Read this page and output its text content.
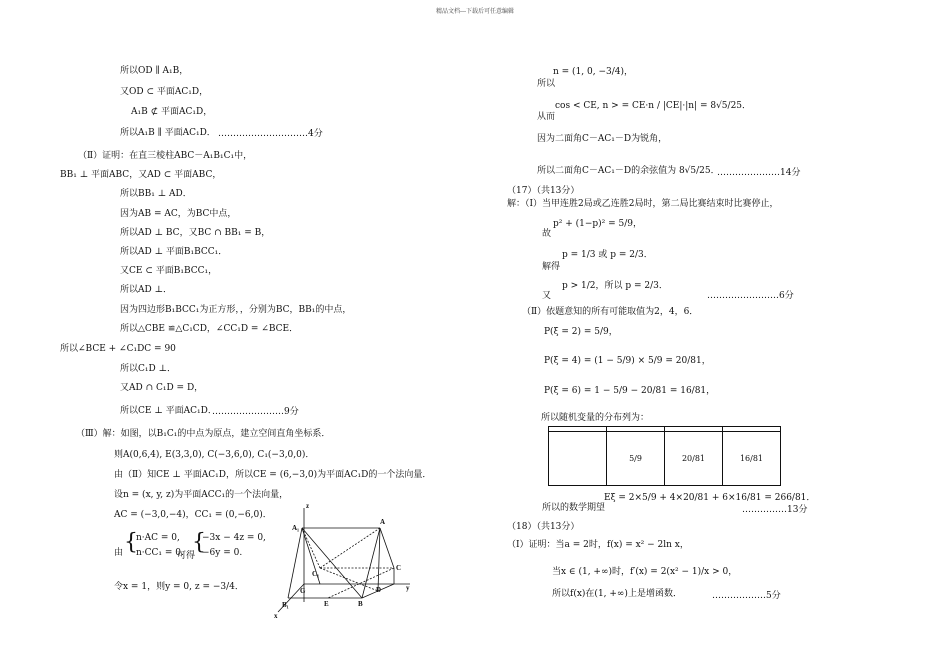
精品文档---下载后可任意编辑
所以OD ∥ A₁B，
又OD ⊂ 平面AC₁D，
A₁B ⊄ 平面AC₁D，
所以A₁B ∥ 平面AC₁D． …………………………4分
（Ⅱ）证明：在直三棱柱ABC－A₁B₁C₁中，
BB₁ ⊥ 平面ABC，又AD ⊂ 平面ABC，
所以BB₁ ⊥ AD．
因为AB = AC，为BC中点，
所以AD ⊥ BC，又BC ∩ BB₁ = B，
所以AD ⊥ 平面B₁BCC₁．
又CE ⊂ 平面B₁BCC₁，
所以AD ⊥．
因为四边形B₁BCC₁为正方形，，分别为BC，BB₁的中点，
所以△CBE ≌△C₁CD，∠CC₁D = ∠BCE．
所以∠BCE + ∠C₁DC = 90
所以C₁D ⊥．
又AD ∩ C₁D = D，
所以CE ⊥ 平面AC₁D．
……………………9分
（Ⅲ）解：如图，以B₁C₁的中点为原点，建立空间直角坐标系．
则A(0,6,4), E(3,3,0), C(−3,6,0), C₁(−3,0,0)．
由（Ⅱ）知CE ⊥ 平面AC₁D，所以CE = (6,−3,0)为平面AC₁D的一个法向量．
设n = (x, y, z)为平面ACC₁的一个法向量，
AC = (−3,0,−4)，CC₁ = (0,−6,0)．
由 {
n·AC = 0,
n·CC₁ = 0.
可得
{
−3x − 4z = 0,
−6y = 0.
令x = 1，则y = 0, z = −3/4．
z
A₁
A
C₁
C
y
G	D
B₁	E	B
x
n = (1, 0, −3/4)，
所以
cos < CE, n > = CE·n / |CE|·|n| = 8√5/25．
从而
因为二面角C－AC₁－D为锐角，
所以二面角C－AC₁－D的余弦值为 8√5/25．
…………………14分
（17）（共13分）
解：（Ⅰ）当甲连胜2局或乙连胜2局时，第二局比赛结束时比赛停止，
故
p² + (1−p)² = 5/9，
解得
p = 1/3 或 p = 2/3．
又
p > 1/2，所以 p = 2/3．
……………………6分
（Ⅱ）依题意知的所有可能取值为2，4，6．
P(ξ = 2) = 5/9，
P(ξ = 4) = (1 − 5/9) × 5/9 = 20/81，
P(ξ = 6) = 1 − 5/9 − 20/81 = 16/81，
所以随机变量的分布列为：

	5/9	20/81	16/81
所以的数学期望
Eξ = 2×5/9 + 4×20/81 + 6×16/81 = 266/81．
……………13分
（18）（共13分）
（Ⅰ）证明：当a = 2时，f(x) = x² − 2ln x，
当x ∈ (1, +∞)时，f′(x) = 2(x² − 1)/x > 0，
所以f(x)在(1, +∞)上是增函数．	………………5分
